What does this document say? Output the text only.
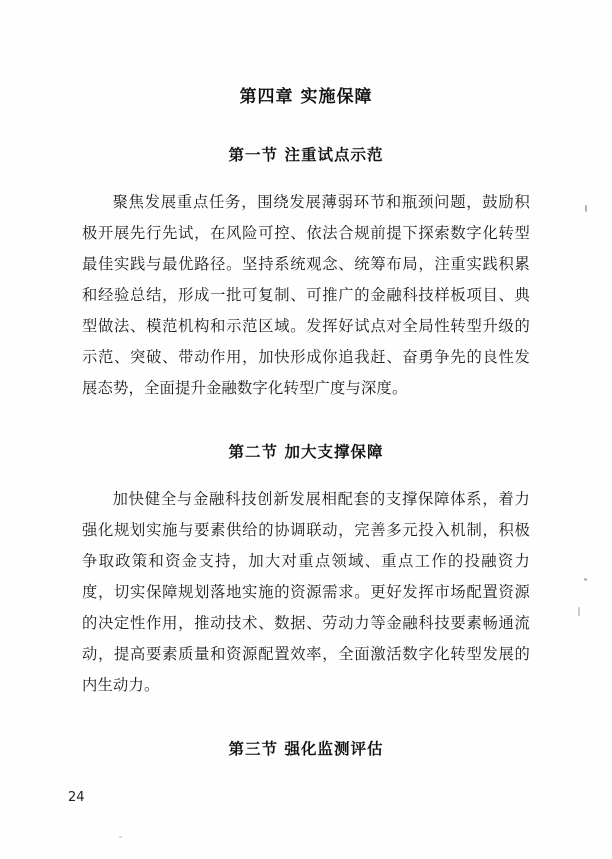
第四章 实施保障
第一节 注重试点示范

聚焦发展重点任务，围绕发展薄弱环节和瓶颈问题，鼓励积极开展先行先试，在风险可控、依法合规前提下探索数字化转型最佳实践与最优路径。坚持系统观念、统筹布局，注重实践积累和经验总结，形成一批可复制、可推广的金融科技样板项目、典型做法、模范机构和示范区域。发挥好试点对全局性转型升级的示范、突破、带动作用，加快形成你追我赶、奋勇争先的良性发展态势，全面提升金融数字化转型广度与深度。

第二节 加大支撑保障

加快健全与金融科技创新发展相配套的支撑保障体系，着力强化规划实施与要素供给的协调联动，完善多元投入机制，积极争取政策和资金支持，加大对重点领域、重点工作的投融资力度，切实保障规划落地实施的资源需求。更好发挥市场配置资源的决定性作用，推动技术、数据、劳动力等金融科技要素畅通流动，提高要素质量和资源配置效率，全面激活数字化转型发展的内生动力。

第三节 强化监测评估
24
